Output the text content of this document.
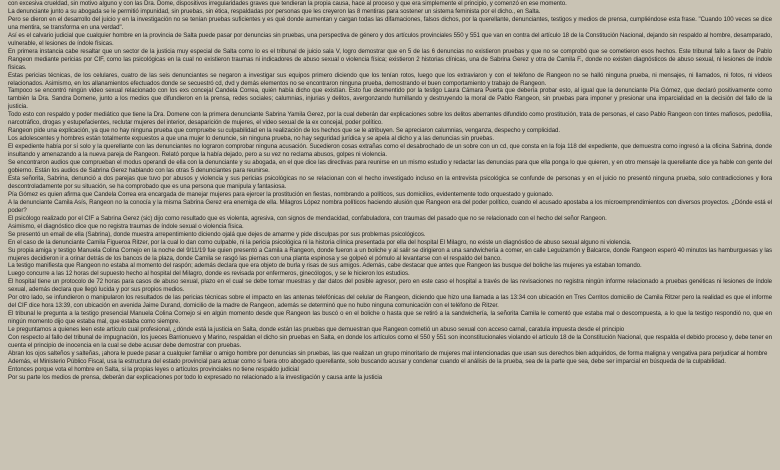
con excesiva crueldad, sin motivo alguno y con las Dra. Dome, dispositivos irregularidades graves que tendieran la propia causa, hace al proceso y que era simplemente el principio, y comenzó en ese momento.

La denunciante junto a su abogada se le permitió impunidad, sin pruebas, sin ética, respaldadas por personas que les creyeron las 8 mentiras para sostener un sistema feminista por el dicho., en Salta.

Pero se dieron en el desarrollo del juicio y en la investigación no se tenían pruebas suficientes y es qué donde aumentan y cargan todas las difamaciones, falsos dichos, por la querellante, denunciantes, testigos y medios de prensa, cumpliéndose esta frase. "Cuando 100 veces se dice una mentira, se transforma en una verdad".

Así es el calvario judicial que cualquier hombre en la provincia de Salta puede pasar por denuncias sin pruebas, una perspectiva de género y dos artículos provinciales 550 y 551 que van en contra del artículo 18 de la Constitución Nacional, dejando sin respaldo al hombre, desamparado, vulnerable, el lesiones de índole físicas.

En primera instancia cabe resaltar que un sector de la justicia muy especial de Salta como lo es el tribunal de juicio sala V, logro demostrar que en 5 de las 6 denuncias no existieron pruebas y que no se comprobó que se cometieron esos hechos. Este tribunal fallo a favor de Pablo Rangeon mediante pericias por CIF, como las psicológicas en la cual no existieron traumas ni indicadores de abuso sexual o violencia física; existieron 2 historias clínicas, una de Sabrina Gerez y otra de Camila F., donde no existen diagnósticos de abuso sexual, ni lesiones de índole físicas.

Estas pericias técnicas, de los celulares, cuatro de las seis denunciantes se negaron a investigar sus equipos primero diciendo que los tenían rotos, luego que los extraviaron y con el teléfono de Rangeon no se halló ninguna prueba, ni mensajes, ni llamados, ni fotos, ni videos relacionados. Asimismo, en los allanamientos efectuados donde se secuestró cd, dvd y demás elementos no se encontraron ninguna prueba, demostrando el buen comportamiento y trabajo de Rangeon.

Tampoco se encontró ningún video sexual relacionado con los exs concejal Candela Correa, quién había dicho que existían. Esto fue desmentido por la testigo Laura Cámara Puerta que debería probar esto, al igual que la denunciante Pía Gómez, que declaró positivamente como también la Dra. Sandra Domene, junto a los medios que difundieron en la prensa, redes sociales; calumnias, injurias y delitos, avergonzando humillando y destruyendo la moral de Pablo Rangeon, sin pruebas para imponer y presionar una imparcialidad en la decisión del fallo de la justicia.

Todo esto con respaldo y poder mediático que tiene la Dra. Domene con la primera denunciante Sabrina Yamila Gerez, por la cual deberán dar explicaciones sobre los delitos aberrantes difundido como prostitución, trata de personas, el caso Pablo Rangeon con tintes mafiosos, pedofilia, narcotráfico, drogas y estupefacientes, reclutar mujeres del interior, desaparición de mujeres, el video sexual de la ex concejal, poder político.

Rangeon pide una explicación, ya que no hay ninguna prueba que compruebe su culpabilidad en la realización de los hechos que se le atribuyen. Se apreciaron calumnias, venganza, despecho y complicidad.

Los adolescentes y hombres están totalmente expuestos a que una mujer lo denuncie, sin ninguna prueba, no hay seguridad jurídica y se apela al dicho y a las denuncias sin pruebas.

El expediente había por sí solo y la querellante con las denunciantes no lograron comprobar ninguna acusación. Sucedieron cosas extrañas como el desabrochado de un sobre con un cd, que consta en la foja 118 del expediente, que demuestra como ingresó a la oficina Sabrina, donde insultando y amenazando a la nueva pareja de Rangeon. Relató porque la había dejado, pero a su vez no reclama abusos, golpes ni violencia.

Se encontraron audios que comprueban el modus operandi de ella con la denunciante y su abogada, en el que dice las directivas para reunirse en un mismo estudio y redactar las denuncias para que ella ponga lo que quieren, y en otro mensaje la querellante dice ya hable con gente del gobierno. Están los audios de Sabrina Gerez hablando con las otras 5 denunciantes para reunirse.

Esta señorita, Sabrina, denunció a dos parejas que tuvo por abusos y violencia y sus pericias psicológicas no se relacionan con el hecho investigado incluso en la entrevista psicológica se confunde de personas y en el juicio no presentó ninguna prueba, solo contradicciones y llora descontroladamente por su situación, se ha comprobado que es una persona que manipula y fantasiosa.

Pía Gómez es quien afirma que Candela Correa era encargada de manejar mujeres para ejercer la prostitución en fiestas, nombrando a políticos, sus domicilios, evidentemente todo orquestado y guionado.

A la denunciante Camila Asís, Rangeon no la conocía y la misma Sabrina Gerez era enemiga de ella. Milagros López nombra políticos haciendo alusión que Rangeon era del poder político, cuando el acusado apostaba a los microemprendimientos con diversos proyectos. ¿Dónde está el poder?

El psicólogo realizado por el CIF a Sabrina Gerez (sic) dijo como resultado que es violenta, agresiva, con signos de mendacidad, confabuladora, con traumas del pasado que no se relacionado con el hecho del señor Rangeon.

Asimismo, el diagnóstico dice que no registra traumas de índole sexual o violencia física.

Se presentó un email de ella (Sabrina), donde muestra arrepentimiento diciendo ojalá que dejes de amarme y pide disculpas por sus problemas psicológicos.

En el caso de la denunciante Camila Figueroa Ritzer, por la cual lo dan como culpable, ni la pericia psicológica ni la historia clínica presentada por ella del hospital El Milagro, no existe un diagnóstico de abuso sexual alguno ni violencia.

Su propia amiga y testigo Manuela Colina Cornejo en la noche del 9/11/19 fue quien presentó a Camila a Rangeon, donde fueron a un boliche y al salir se dirigieron a una sandwichería a comer, en calle Leguizamón y Balcarce, donde Rangeon esperó 40 minutos las hamburguesas y las mujeres decidieron ir a orinar detrás de los bancos de la plaza, donde Camila se rasgó las piernas con una planta espinosa y se golpeó el pómulo al levantarse con el respaldo del banco.

La testigo manifiesta que Rangeon no estaba al momento del raspón; además declara que era objeto de burla y risas de sus amigos. Además, cabe destacar que antes que Rangeon las busque del boliche las mujeres ya estaban tomando.

Luego concurre a las 12 horas del supuesto hecho al hospital del Milagro, donde es revisada por enfermeros, ginecólogos, y se le hicieron los estudios.

El hospital tiene un protocolo de 72 horas para casos de abuso sexual, plazo en el cual se debe tomar muestras y dar datos del posible agresor, pero en este caso el hospital a través de las revisaciones no registra ningún informe relacionado a pruebas genéticas ni lesiones de índole sexual, además declara que llegó lucida y por sus propios medios.

Por otro lado, se infundieron o manipularon los resultados de las pericias técnicas sobre el impacto en las antenas telefónicas del celular de Rangeon, diciendo que hizo una llamada a las 13:34 con ubicación en Tres Cerritos domicilio de Camila Ritzer pero la realidad es que el informe del CIF dice hora 13:39, con ubicación en avenida Jaime Durand, domicilio de la madre de Rangeon, además se determinó que no hubo ninguna comunicación con el teléfono de Ritzer.

El tribunal le pregunta a la testigo presencial Manuela Colina Cornejo si en algún momento desde que Rangeon las buscó o en el boliche o hasta que se retiró a la sandwichería, la señorita Camila le comentó que estaba mal o descompuesta, a lo que la testigo respondió no, que en ningún momento dijo que estaba mal, que estaba como siempre.

Le preguntamos a quienes leen este artículo cual profesional, ¿dónde está la justicia en Salta, donde están las pruebas que demuestran que Rangeon cometió un abuso sexual con acceso carnal, caratula impuesta desde el principio

Con respecto al fallo del tribunal de impugnación, los jueces Barrionuevo y Marino, respaldan el dicho sin pruebas en Salta, en donde los artículos como el 550 y 551 son inconstitucionales violando el artículo 18 de la Constitución Nacional, que respalda el debido proceso y, debe tener en cuenta el principio de inocencia en la cual se debe acusar debe demostrar con pruebas.

Abran los ojos salteños y salteñas, ¡ahora le puede pasar a cualquier familiar o amigo hombre por denuncias sin pruebas, las que realizan un grupo minoritario de mujeres mal intencionadas que usan sus derechos bien adquiridos, de forma maligna y vengativa para perjudicar al hombre

Además, el Ministerio Público Fiscal, usa la estructura del estado provincial para actuar como si fuera otro abogado querellante, solo buscando acusar y condenar cuando el análisis de la prueba, sea de la parte que sea, debe ser imparcial en búsqueda de la culpabilidad.

Entonces porque vota el hombre en Salta, si la propias leyes o artículos provinciales no tiene respaldo judicial

Por su parte los medios de prensa, deberán dar explicaciones por todo lo expresado no relacionado a la investigación y causa ante la justicia
